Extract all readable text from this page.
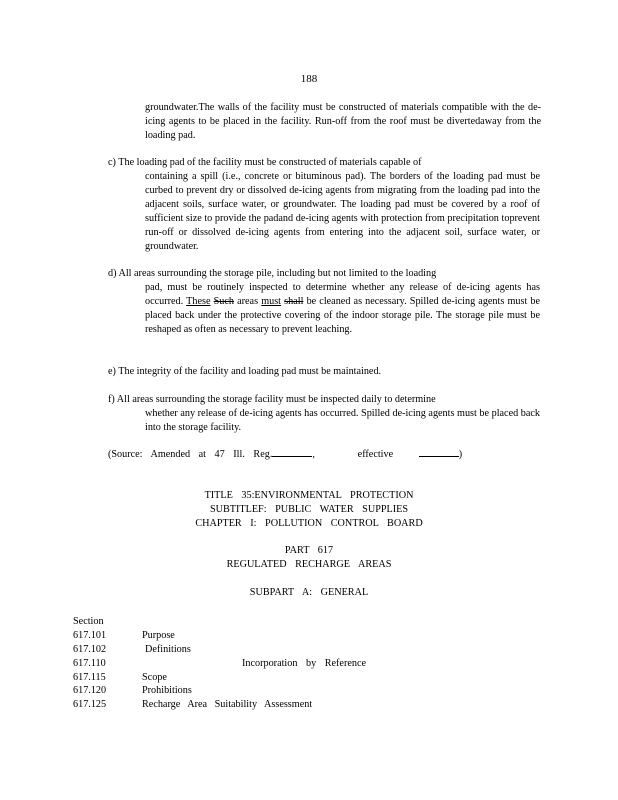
188
groundwater.The walls of the facility must be constructed of materials compatible with the de-icing agents to be placed in the facility. Run-off from the roof must be divertedaway from the loading pad.
c) The loading pad of the facility must be constructed of materials capable of
containing a spill (i.e., concrete or bituminous pad). The borders of the loading pad must be curbed to prevent dry or dissolved de-icing agents from migrating from the loading pad into the adjacent soils, surface water, or groundwater. The loading pad must be covered by a roof of sufficient size to provide the padand de-icing agents with protection from precipitation toprevent run-off or dissolved de-icing agents from entering into the adjacent soil, surface water, or groundwater.
d) All areas surrounding the storage pile, including but not limited to the loading
pad, must be routinely inspected to determine whether any release of de-icing agents has occurred. These Such areas must shall be cleaned as necessary. Spilled de-icing agents must be placed back under the protective covering of the indoor storage pile. The storage pile must be reshaped as often as necessary to prevent leaching.
e) The integrity of the facility and loading pad must be maintained.
f) All areas surrounding the storage facility must be inspected daily to determine
whether any release of de-icing agents has occurred. Spilled de-icing agents must be placed back into the storage facility.
(Source: Amended at 47 Ill. Reg.	,	effective	)
TITLE 35:ENVIRONMENTAL PROTECTION
SUBTITLEF: PUBLIC WATER SUPPLIES
CHAPTER I: POLLUTION CONTROL BOARD
PART 617
REGULATED RECHARGE AREAS
SUBPART A: GENERAL
Section
617.101	Purpose
617.102	Definitions
617.110	Incorporation by Reference
617.115	Scope
617.120	Prohibitions
617.125	Recharge Area Suitability Assessment
